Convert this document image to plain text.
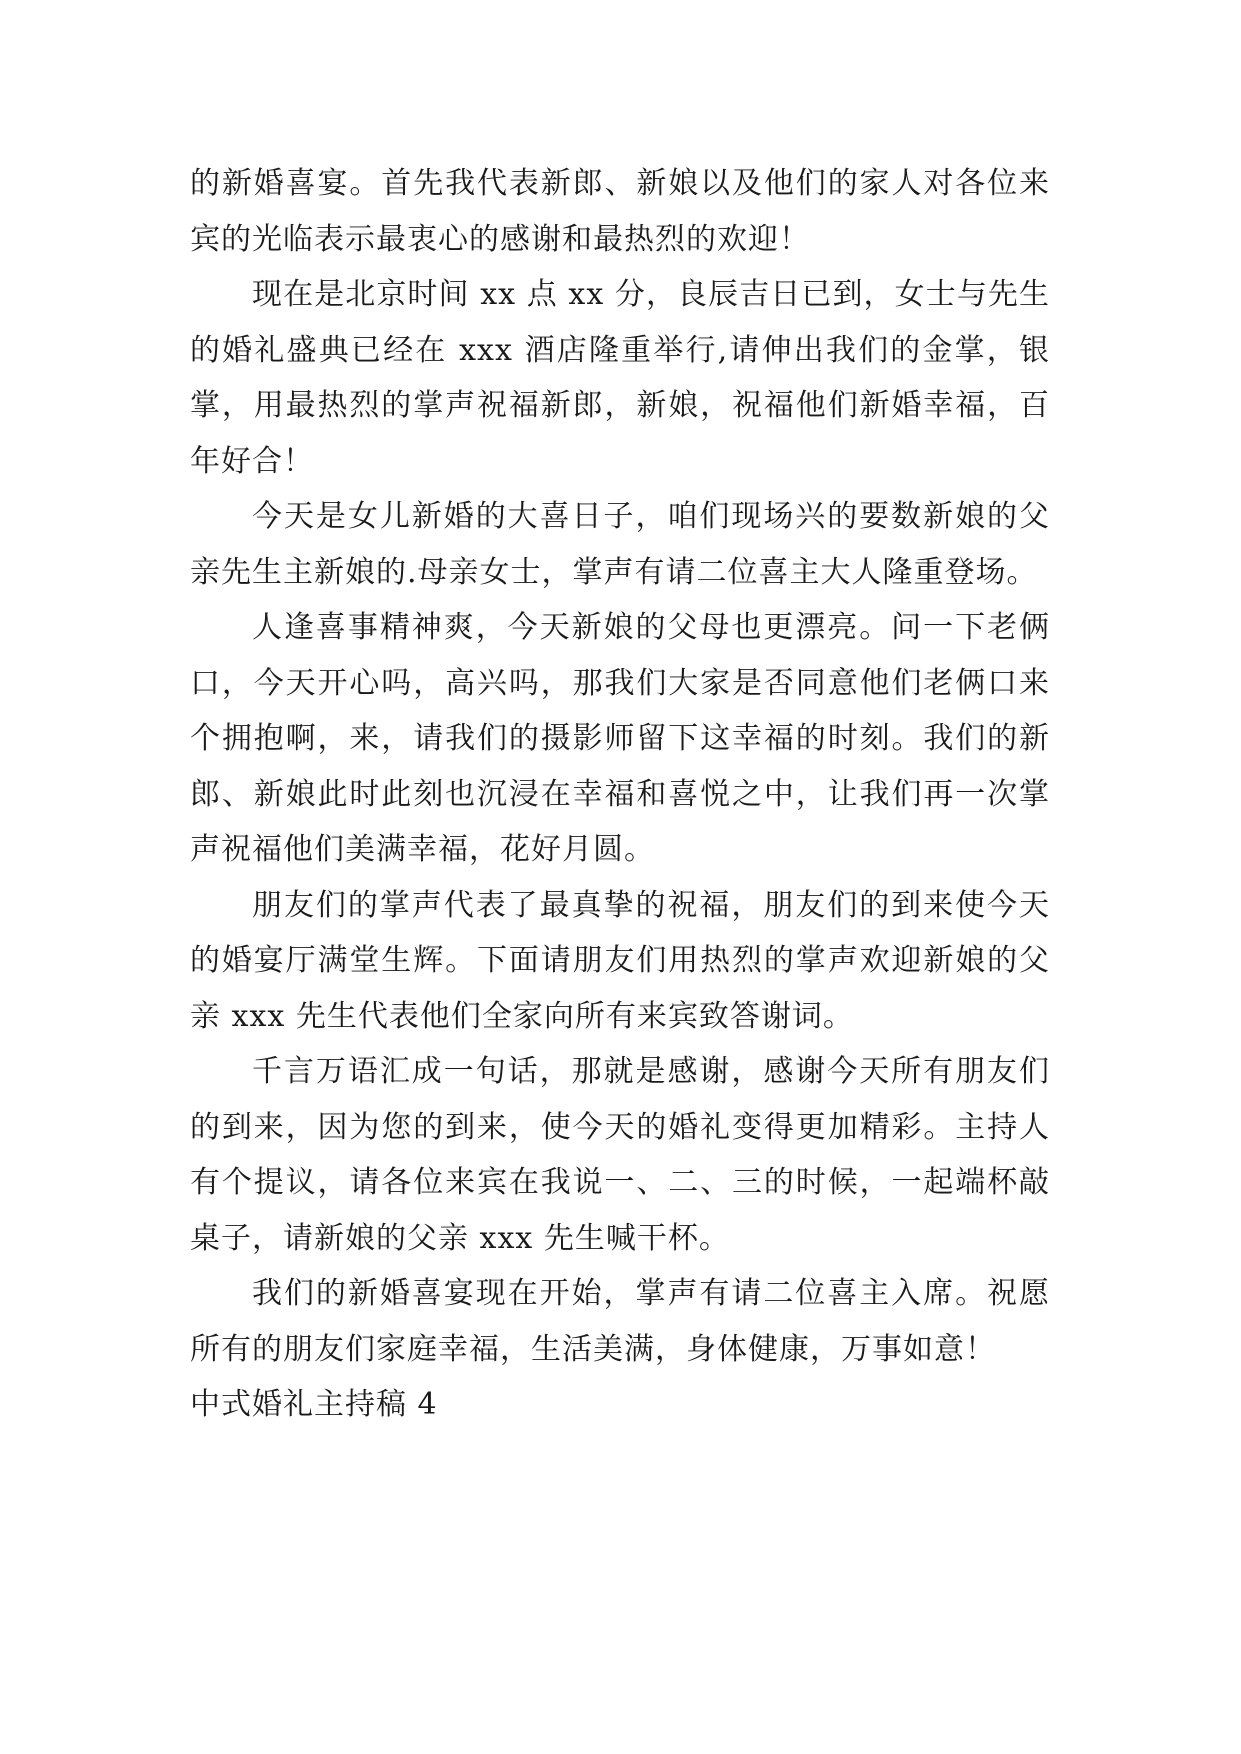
的新婚喜宴。首先我代表新郎、新娘以及他们的家人对各位来宾的光临表示最衷心的感谢和最热烈的欢迎！

现在是北京时间 xx 点 xx 分，良辰吉日已到，女士与先生的婚礼盛典已经在 xxx 酒店隆重举行,请伸出我们的金掌，银掌，用最热烈的掌声祝福新郎，新娘，祝福他们新婚幸福，百年好合！

今天是女儿新婚的大喜日子，咱们现场兴的要数新娘的父亲先生主新娘的.母亲女士，掌声有请二位喜主大人隆重登场。

人逢喜事精神爽，今天新娘的父母也更漂亮。问一下老俩口，今天开心吗，高兴吗，那我们大家是否同意他们老俩口来个拥抱啊，来，请我们的摄影师留下这幸福的时刻。我们的新郎、新娘此时此刻也沉浸在幸福和喜悦之中，让我们再一次掌声祝福他们美满幸福，花好月圆。

朋友们的掌声代表了最真挚的祝福，朋友们的到来使今天的婚宴厅满堂生辉。下面请朋友们用热烈的掌声欢迎新娘的父亲 xxx 先生代表他们全家向所有来宾致答谢词。

千言万语汇成一句话，那就是感谢，感谢今天所有朋友们的到来，因为您的到来，使今天的婚礼变得更加精彩。主持人有个提议，请各位来宾在我说一、二、三的时候，一起端杯敲桌子，请新娘的父亲 xxx 先生喊干杯。

我们的新婚喜宴现在开始，掌声有请二位喜主入席。祝愿所有的朋友们家庭幸福，生活美满，身体健康，万事如意！

中式婚礼主持稿 4
